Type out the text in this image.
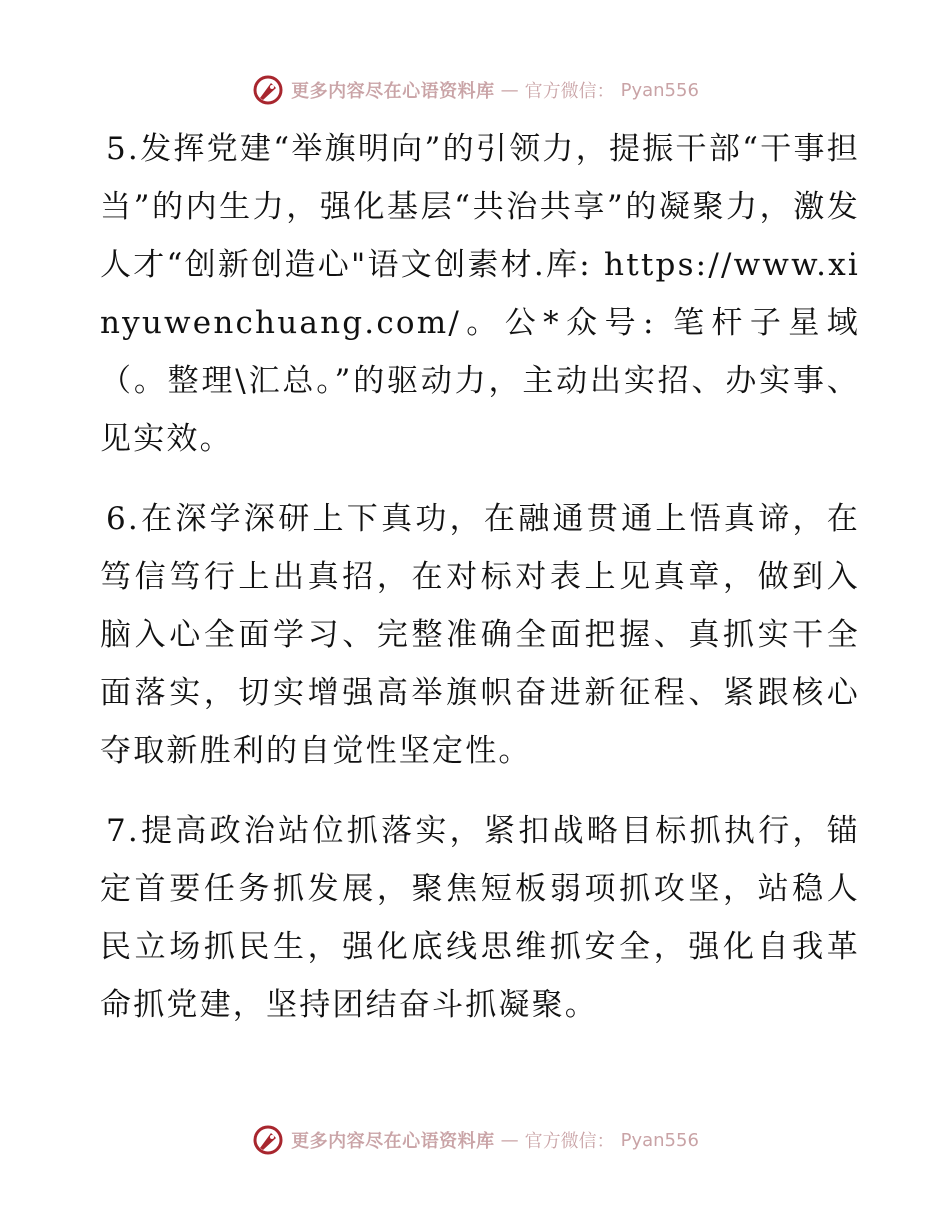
更多内容尽在心语资料库 — 官方微信： Pyan556

5.发挥党建“举旗明向”的引领力，提振干部“干事担当”的内生力，强化基层“共治共享”的凝聚力，激发人才“创新创造心"语文创素材.库: https://www.xinyuwenchuang.com/。公*众号: 笔杆子星域（。整理\汇总。”的驱动力，主动出实招、办实事、见实效。

6.在深学深研上下真功，在融通贯通上悟真谛，在笃信笃行上出真招，在对标对表上见真章，做到入脑入心全面学习、完整准确全面把握、真抓实干全面落实，切实增强高举旗帜奋进新征程、紧跟核心夺取新胜利的自觉性坚定性。

7.提高政治站位抓落实，紧扣战略目标抓执行，锚定首要任务抓发展，聚焦短板弱项抓攻坚，站稳人民立场抓民生，强化底线思维抓安全，强化自我革命抓党建，坚持团结奋斗抓凝聚。

更多内容尽在心语资料库 — 官方微信： Pyan556
